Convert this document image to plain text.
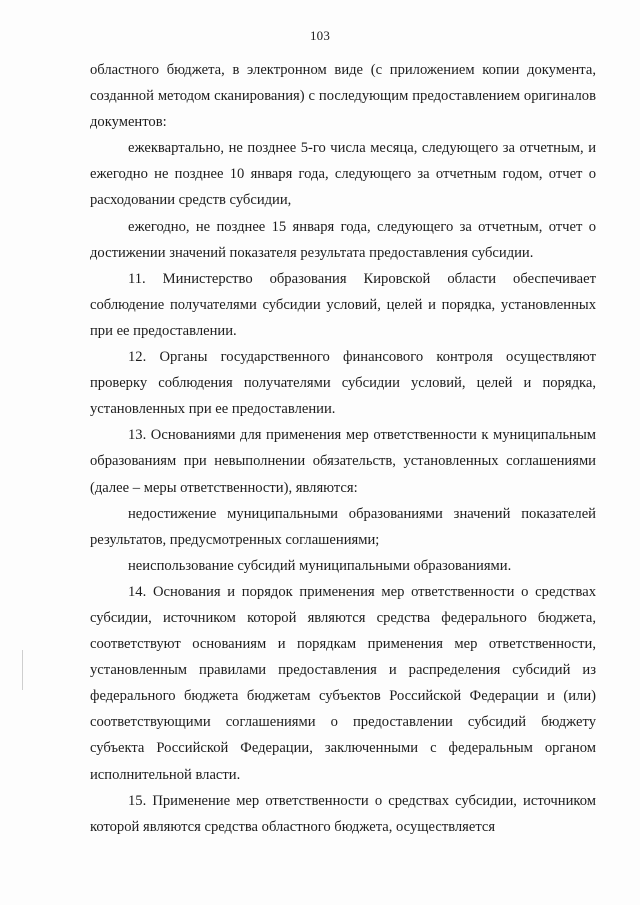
103

областного бюджета, в электронном виде (с приложением копии документа, созданной методом сканирования) с последующим предоставлением оригиналов документов:

ежеквартально, не позднее 5-го числа месяца, следующего за отчетным, и ежегодно не позднее 10 января года, следующего за отчетным годом, отчет о расходовании средств субсидии,

ежегодно, не позднее 15 января года, следующего за отчетным, отчет о достижении значений показателя результата предоставления субсидии.

11. Министерство образования Кировской области обеспечивает соблюдение получателями субсидии условий, целей и порядка, установленных при ее предоставлении.

12. Органы государственного финансового контроля осуществляют проверку соблюдения получателями субсидии условий, целей и порядка, установленных при ее предоставлении.

13. Основаниями для применения мер ответственности к муниципальным образованиям при невыполнении обязательств, установленных соглашениями (далее – меры ответственности), являются:

недостижение муниципальными образованиями значений показателей результатов, предусмотренных соглашениями;

неиспользование субсидий муниципальными образованиями.

14. Основания и порядок применения мер ответственности о средствах субсидии, источником которой являются средства федерального бюджета, соответствуют основаниям и порядкам применения мер ответственности, установленным правилами предоставления и распределения субсидий из федерального бюджета бюджетам субъектов Российской Федерации и (или) соответствующими соглашениями о предоставлении субсидий бюджету субъекта Российской Федерации, заключенными с федеральным органом исполнительной власти.

15. Применение мер ответственности о средствах субсидии, источником которой являются средства областного бюджета, осуществляется
